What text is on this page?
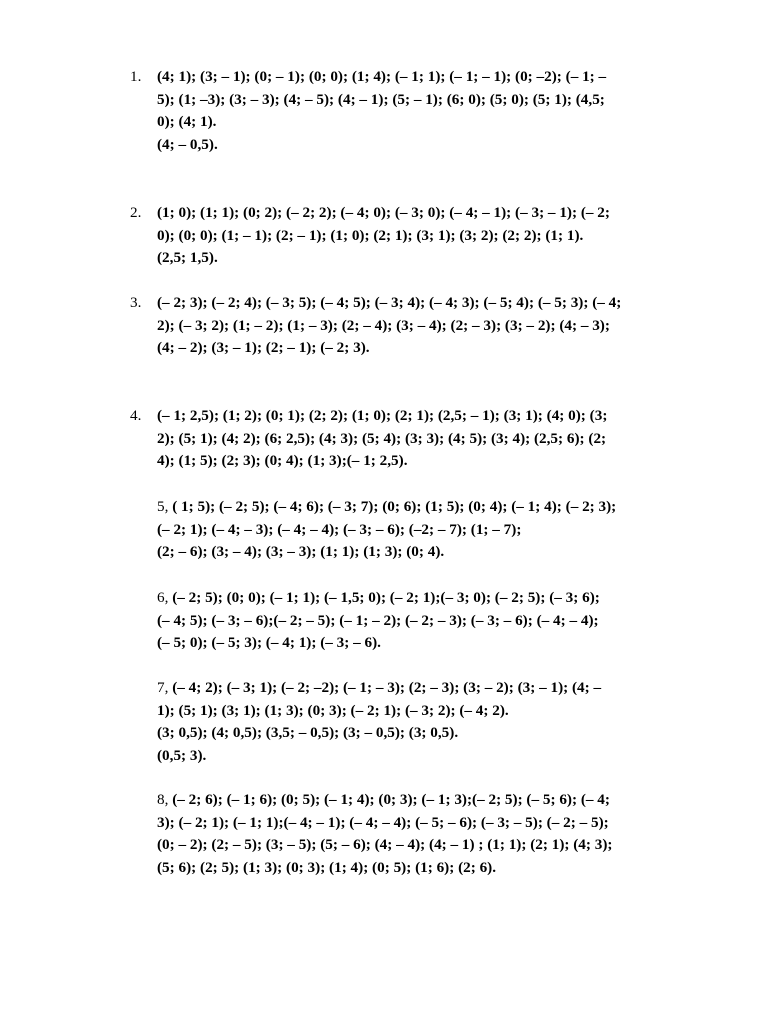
1.	(4; 1); (3; – 1); (0; – 1); (0; 0); (1; 4); (– 1; 1); (– 1; – 1); (0; –2); (– 1; –
5); (1; –3); (3; – 3); (4; – 5); (4; – 1); (5; – 1); (6; 0); (5; 0); (5; 1); (4,5;
0); (4; 1).
(4; – 0,5).
2.	(1; 0); (1; 1); (0; 2); (– 2; 2); (– 4; 0); (– 3; 0); (– 4; – 1); (– 3; – 1); (– 2;
0); (0; 0); (1; – 1); (2; – 1); (1; 0); (2; 1); (3; 1); (3; 2); (2; 2); (1; 1).
(2,5; 1,5).
3.	(– 2; 3); (– 2; 4); (– 3; 5); (– 4; 5); (– 3; 4); (– 4; 3); (– 5; 4); (– 5; 3); (– 4;
2); (– 3; 2); (1; – 2); (1; – 3); (2; – 4); (3; – 4); (2; – 3); (3; – 2); (4; – 3);
(4; – 2); (3; – 1); (2; – 1); (– 2; 3).
4.	(– 1; 2,5); (1; 2); (0; 1); (2; 2); (1; 0); (2; 1); (2,5; – 1); (3; 1); (4; 0); (3;
2); (5; 1); (4; 2); (6; 2,5); (4; 3); (5; 4); (3; 3); (4; 5); (3; 4); (2,5; 6); (2;
4); (1; 5); (2; 3); (0; 4); (1; 3);(– 1; 2,5).
5, ( 1; 5); (– 2; 5); (– 4; 6); (– 3; 7); (0; 6); (1; 5); (0; 4); (– 1; 4); (– 2; 3);
(– 2; 1); (– 4; – 3); (– 4; – 4); (– 3; – 6); (–2; – 7); (1; – 7);
(2; – 6); (3; – 4); (3; – 3); (1; 1); (1; 3); (0; 4).
6, (– 2; 5); (0; 0); (– 1; 1); (– 1,5; 0); (– 2; 1);(– 3; 0); (– 2; 5); (– 3; 6);
(– 4; 5); (– 3; – 6);(– 2; – 5); (– 1; – 2); (– 2; – 3); (– 3; – 6); (– 4; – 4);
(– 5; 0); (– 5; 3); (– 4; 1); (– 3; – 6).
7, (– 4; 2); (– 3; 1); (– 2; –2); (– 1; – 3); (2; – 3); (3; – 2); (3; – 1); (4; –
1); (5; 1); (3; 1); (1; 3); (0; 3); (– 2; 1); (– 3; 2); (– 4; 2).
(3; 0,5); (4; 0,5); (3,5; – 0,5); (3; – 0,5); (3; 0,5).
(0,5; 3).
8, (– 2; 6); (– 1; 6); (0; 5); (– 1; 4); (0; 3); (– 1; 3);(– 2; 5); (– 5; 6); (– 4;
3); (– 2; 1); (– 1; 1);(– 4; – 1); (– 4; – 4); (– 5; – 6); (– 3; – 5); (– 2; – 5);
(0; – 2); (2; – 5); (3; – 5); (5; – 6); (4; – 4); (4; – 1) ; (1; 1); (2; 1); (4; 3);
(5; 6); (2; 5); (1; 3); (0; 3); (1; 4); (0; 5); (1; 6); (2; 6).
